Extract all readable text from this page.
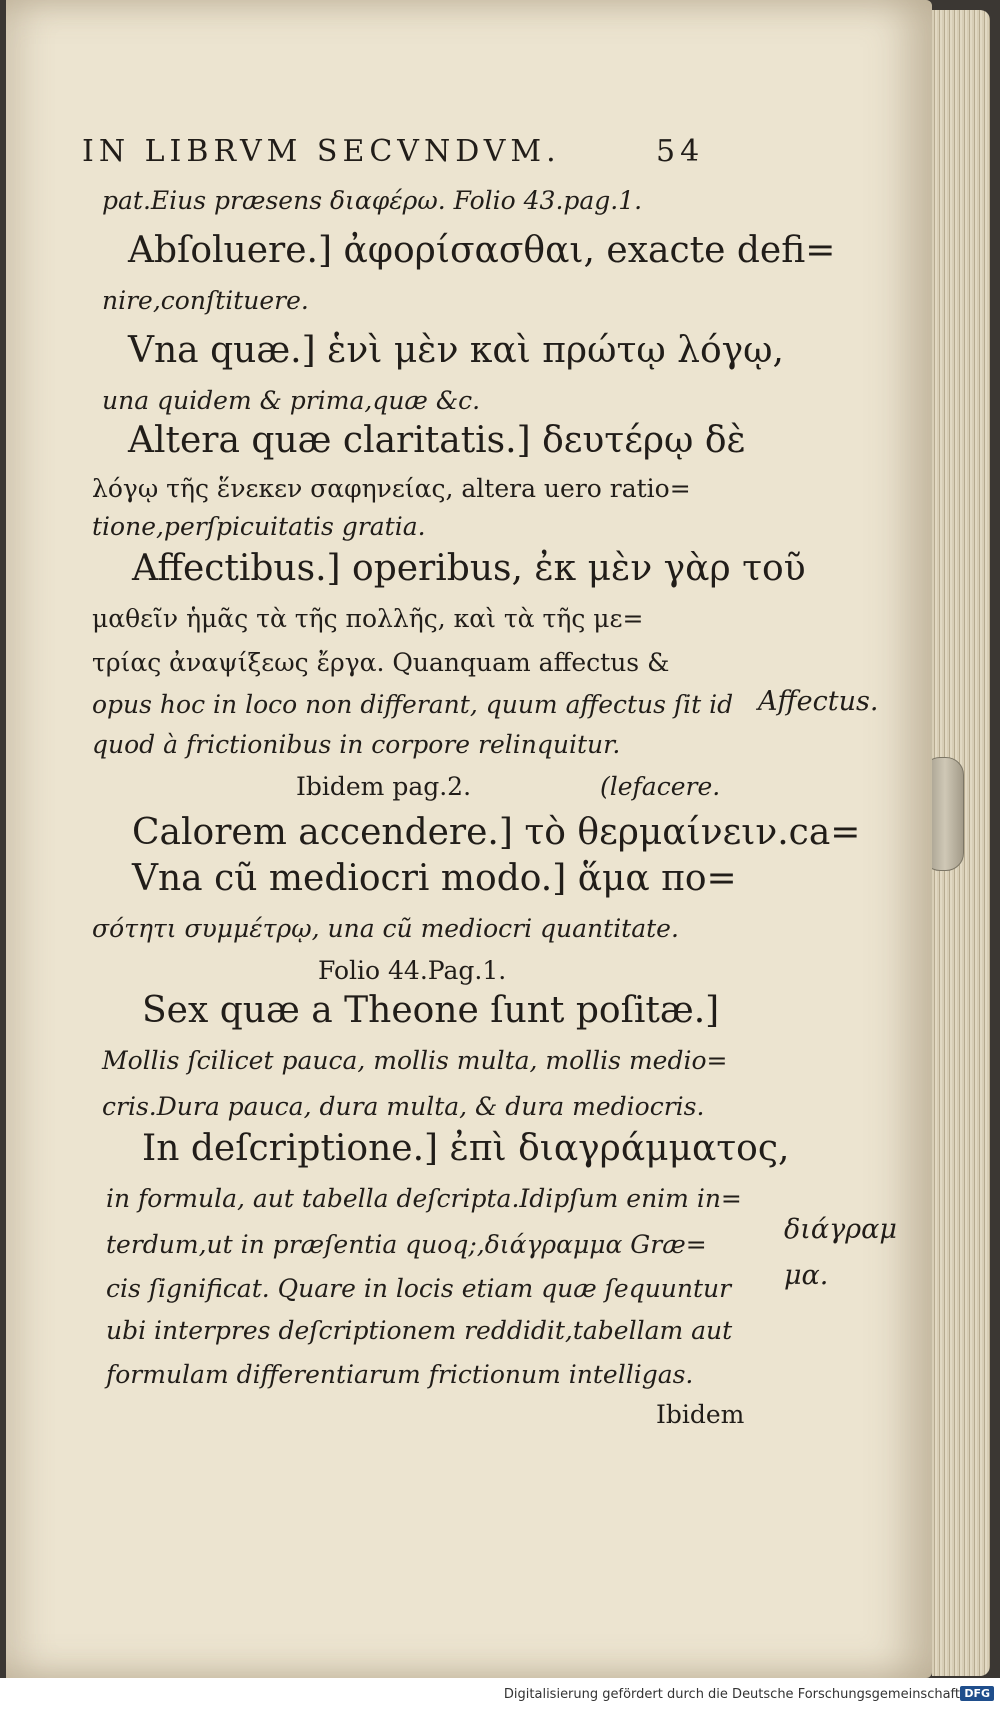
IN LIBRVM SECVNDVM.	54
pat.Eius præsens διαφέρω. Folio 43.pag.1.
Abſoluere.] ἀφορίσασθαι, exacte defi=
nire,conſtituere.
Vna quæ.] ἑνὶ μὲν καὶ πρώτῳ λόγῳ,
una quidem & prima,quæ &c.
Altera quæ claritatis.] δευτέρῳ δὲ
λόγῳ τῆς ἕνεκεν σαφηνείας, altera uero ratio=
tione,perſpicuitatis gratia.
Affectibus.] operibus, ἐκ μὲν γὰρ τοῦ
μαθεῖν ἡμᾶς τὰ τῆς πολλῆς, καὶ τὰ τῆς με=
τρίας ἀναψίξεως ἔργα. Quanquam affectus &
opus hoc in loco non differant, quum affectus ſit id
quod à frictionibus in corpore relinquitur.
Ibidem pag.2.	(lefacere.
Calorem accendere.] τὸ θερμαίνειν.ca=
Vna cũ mediocri modo.] ἅμα πο=
σότητι συμμέτρῳ, una cũ mediocri quantitate.
Folio 44.Pag.1.
Sex quæ a Theone ſunt poſitæ.]
Mollis ſcilicet pauca, mollis multa, mollis medio=
cris.Dura pauca, dura multa, & dura mediocris.
In deſcriptione.] ἐπὶ διαγράμματος,
in formula, aut tabella deſcripta.Idipſum enim in=
terdum,ut in præſentia quoq;,διάγραμμα Græ=
cis ſignificat. Quare in locis etiam quæ ſequuntur
ubi interpres deſcriptionem reddidit,tabellam aut
formulam differentiarum frictionum intelligas.
Ibidem
Affectus.
διάγραμ
μα.
Digitalisierung gefördert durch die Deutsche Forschungsgemeinschaft DFG
